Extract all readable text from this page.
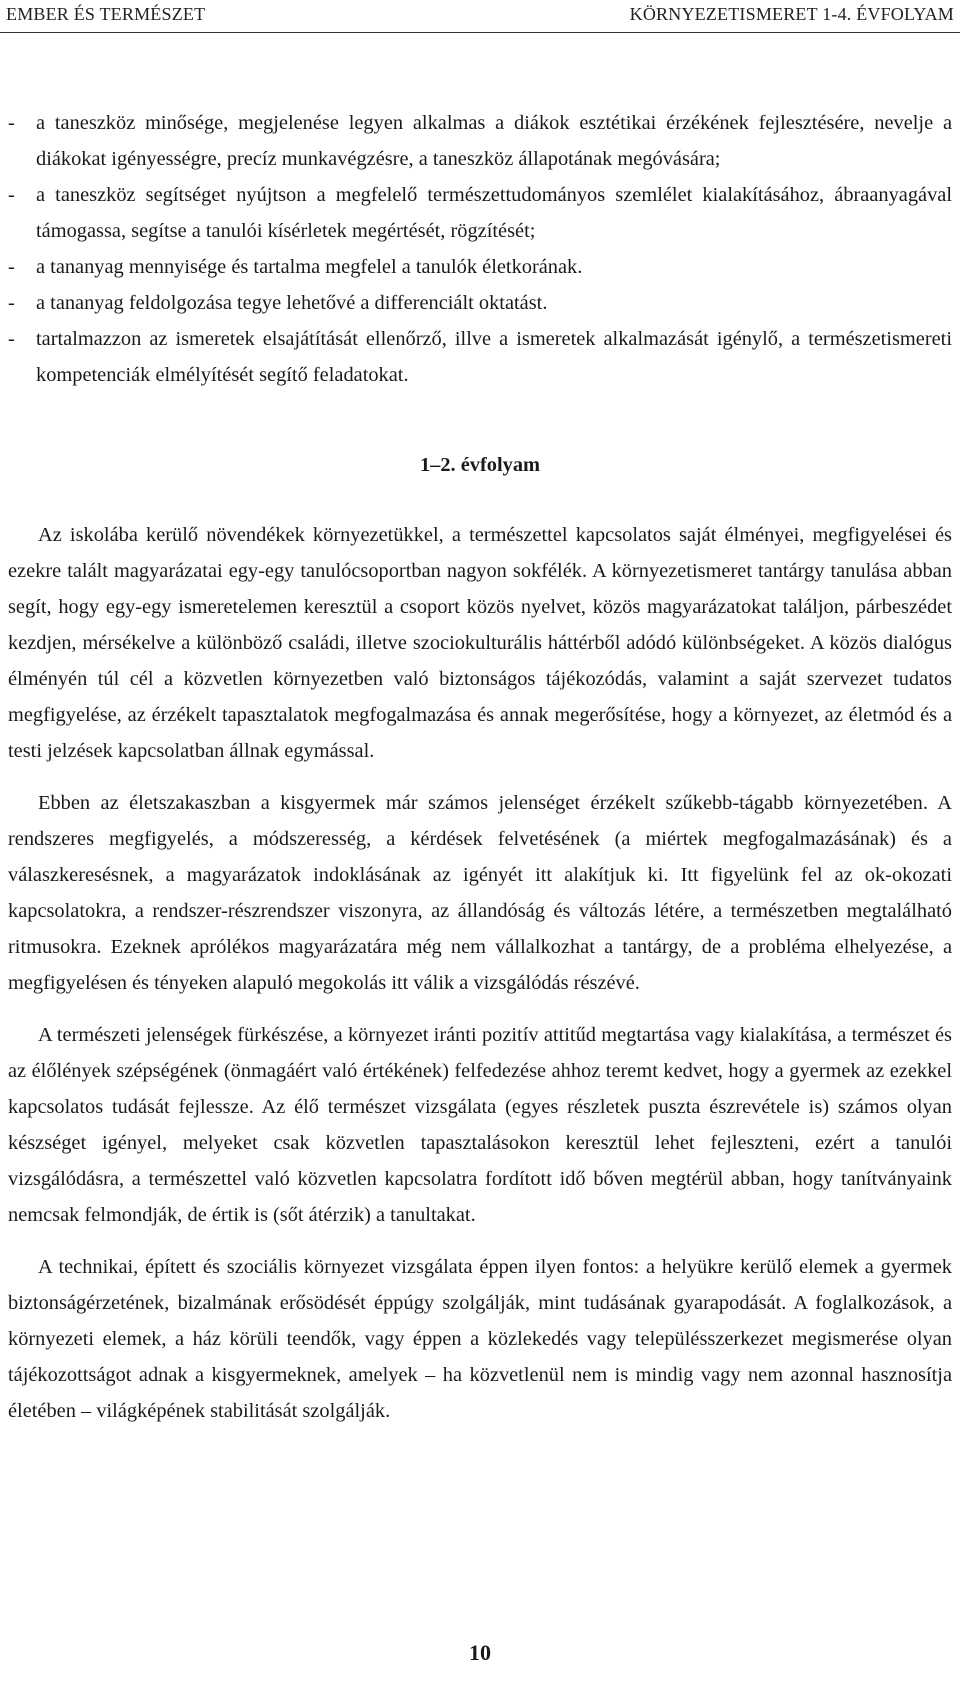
EMBER ÉS TERMÉSZET	KÖRNYEZETISMERET 1-4. ÉVFOLYAM
-	a taneszköz minősége, megjelenése legyen alkalmas a diákok esztétikai érzékének fejlesztésére, nevelje a diákokat igényességre, precíz munkavégzésre, a taneszköz állapotának megóvására;
-	a taneszköz segítséget nyújtson a megfelelő természettudományos szemlélet kialakításához, ábraanyagával támogassa, segítse a tanulói kísérletek megértését, rögzítését;
-	a tananyag mennyisége és tartalma megfelel a tanulók életkorának.
-	a tananyag feldolgozása tegye lehetővé a differenciált oktatást.
-	tartalmazzon az ismeretek elsajátítását ellenőrző, illve a ismeretek alkalmazását igénylő, a természetismereti kompetenciák elmélyítését segítő feladatokat.
1–2. évfolyam

Az iskolába kerülő növendékek környezetükkel, a természettel kapcsolatos saját élményei, megfigyelései és ezekre talált magyarázatai egy-egy tanulócsoportban nagyon sokfélék. A környezetismeret tantárgy tanulása abban segít, hogy egy-egy ismeretelemen keresztül a csoport közös nyelvet, közös magyarázatokat találjon, párbeszédet kezdjen, mérsékelve a különböző családi, illetve szociokulturális háttérből adódó különbségeket. A közös dialógus élményén túl cél a közvetlen környezetben való biztonságos tájékozódás, valamint a saját szervezet tudatos megfigyelése, az érzékelt tapasztalatok megfogalmazása és annak megerősítése, hogy a környezet, az életmód és a testi jelzések kapcsolatban állnak egymással.

Ebben az életszakaszban a kisgyermek már számos jelenséget érzékelt szűkebb-tágabb környezetében. A rendszeres megfigyelés, a módszeresség, a kérdések felvetésének (a miértek megfogalmazásának) és a válaszkeresésnek, a magyarázatok indoklásának az igényét itt alakítjuk ki. Itt figyelünk fel az ok-okozati kapcsolatokra, a rendszer-részrendszer viszonyra, az állandóság és változás létére, a természetben megtalálható ritmusokra. Ezeknek aprólékos magyarázatára még nem vállalkozhat a tantárgy, de a probléma elhelyezése, a megfigyelésen és tényeken alapuló megokolás itt válik a vizsgálódás részévé.

A természeti jelenségek fürkészése, a környezet iránti pozitív attitűd megtartása vagy kialakítása, a természet és az élőlények szépségének (önmagáért való értékének) felfedezése ahhoz teremt kedvet, hogy a gyermek az ezekkel kapcsolatos tudását fejlessze. Az élő természet vizsgálata (egyes részletek puszta észrevétele is) számos olyan készséget igényel, melyeket csak közvetlen tapasztalásokon keresztül lehet fejleszteni, ezért a tanulói vizsgálódásra, a természettel való közvetlen kapcsolatra fordított idő bőven megtérül abban, hogy tanítványaink nemcsak felmondják, de értik is (sőt átérzik) a tanultakat.

A technikai, épített és szociális környezet vizsgálata éppen ilyen fontos: a helyükre kerülő elemek a gyermek biztonságérzetének, bizalmának erősödését éppúgy szolgálják, mint tudásának gyarapodását. A foglalkozások, a környezeti elemek, a ház körüli teendők, vagy éppen a közlekedés vagy településszerkezet megismerése olyan tájékozottságot adnak a kisgyermeknek, amelyek – ha közvetlenül nem is mindig vagy nem azonnal hasznosítja életében – világképének stabilitását szolgálják.

10
